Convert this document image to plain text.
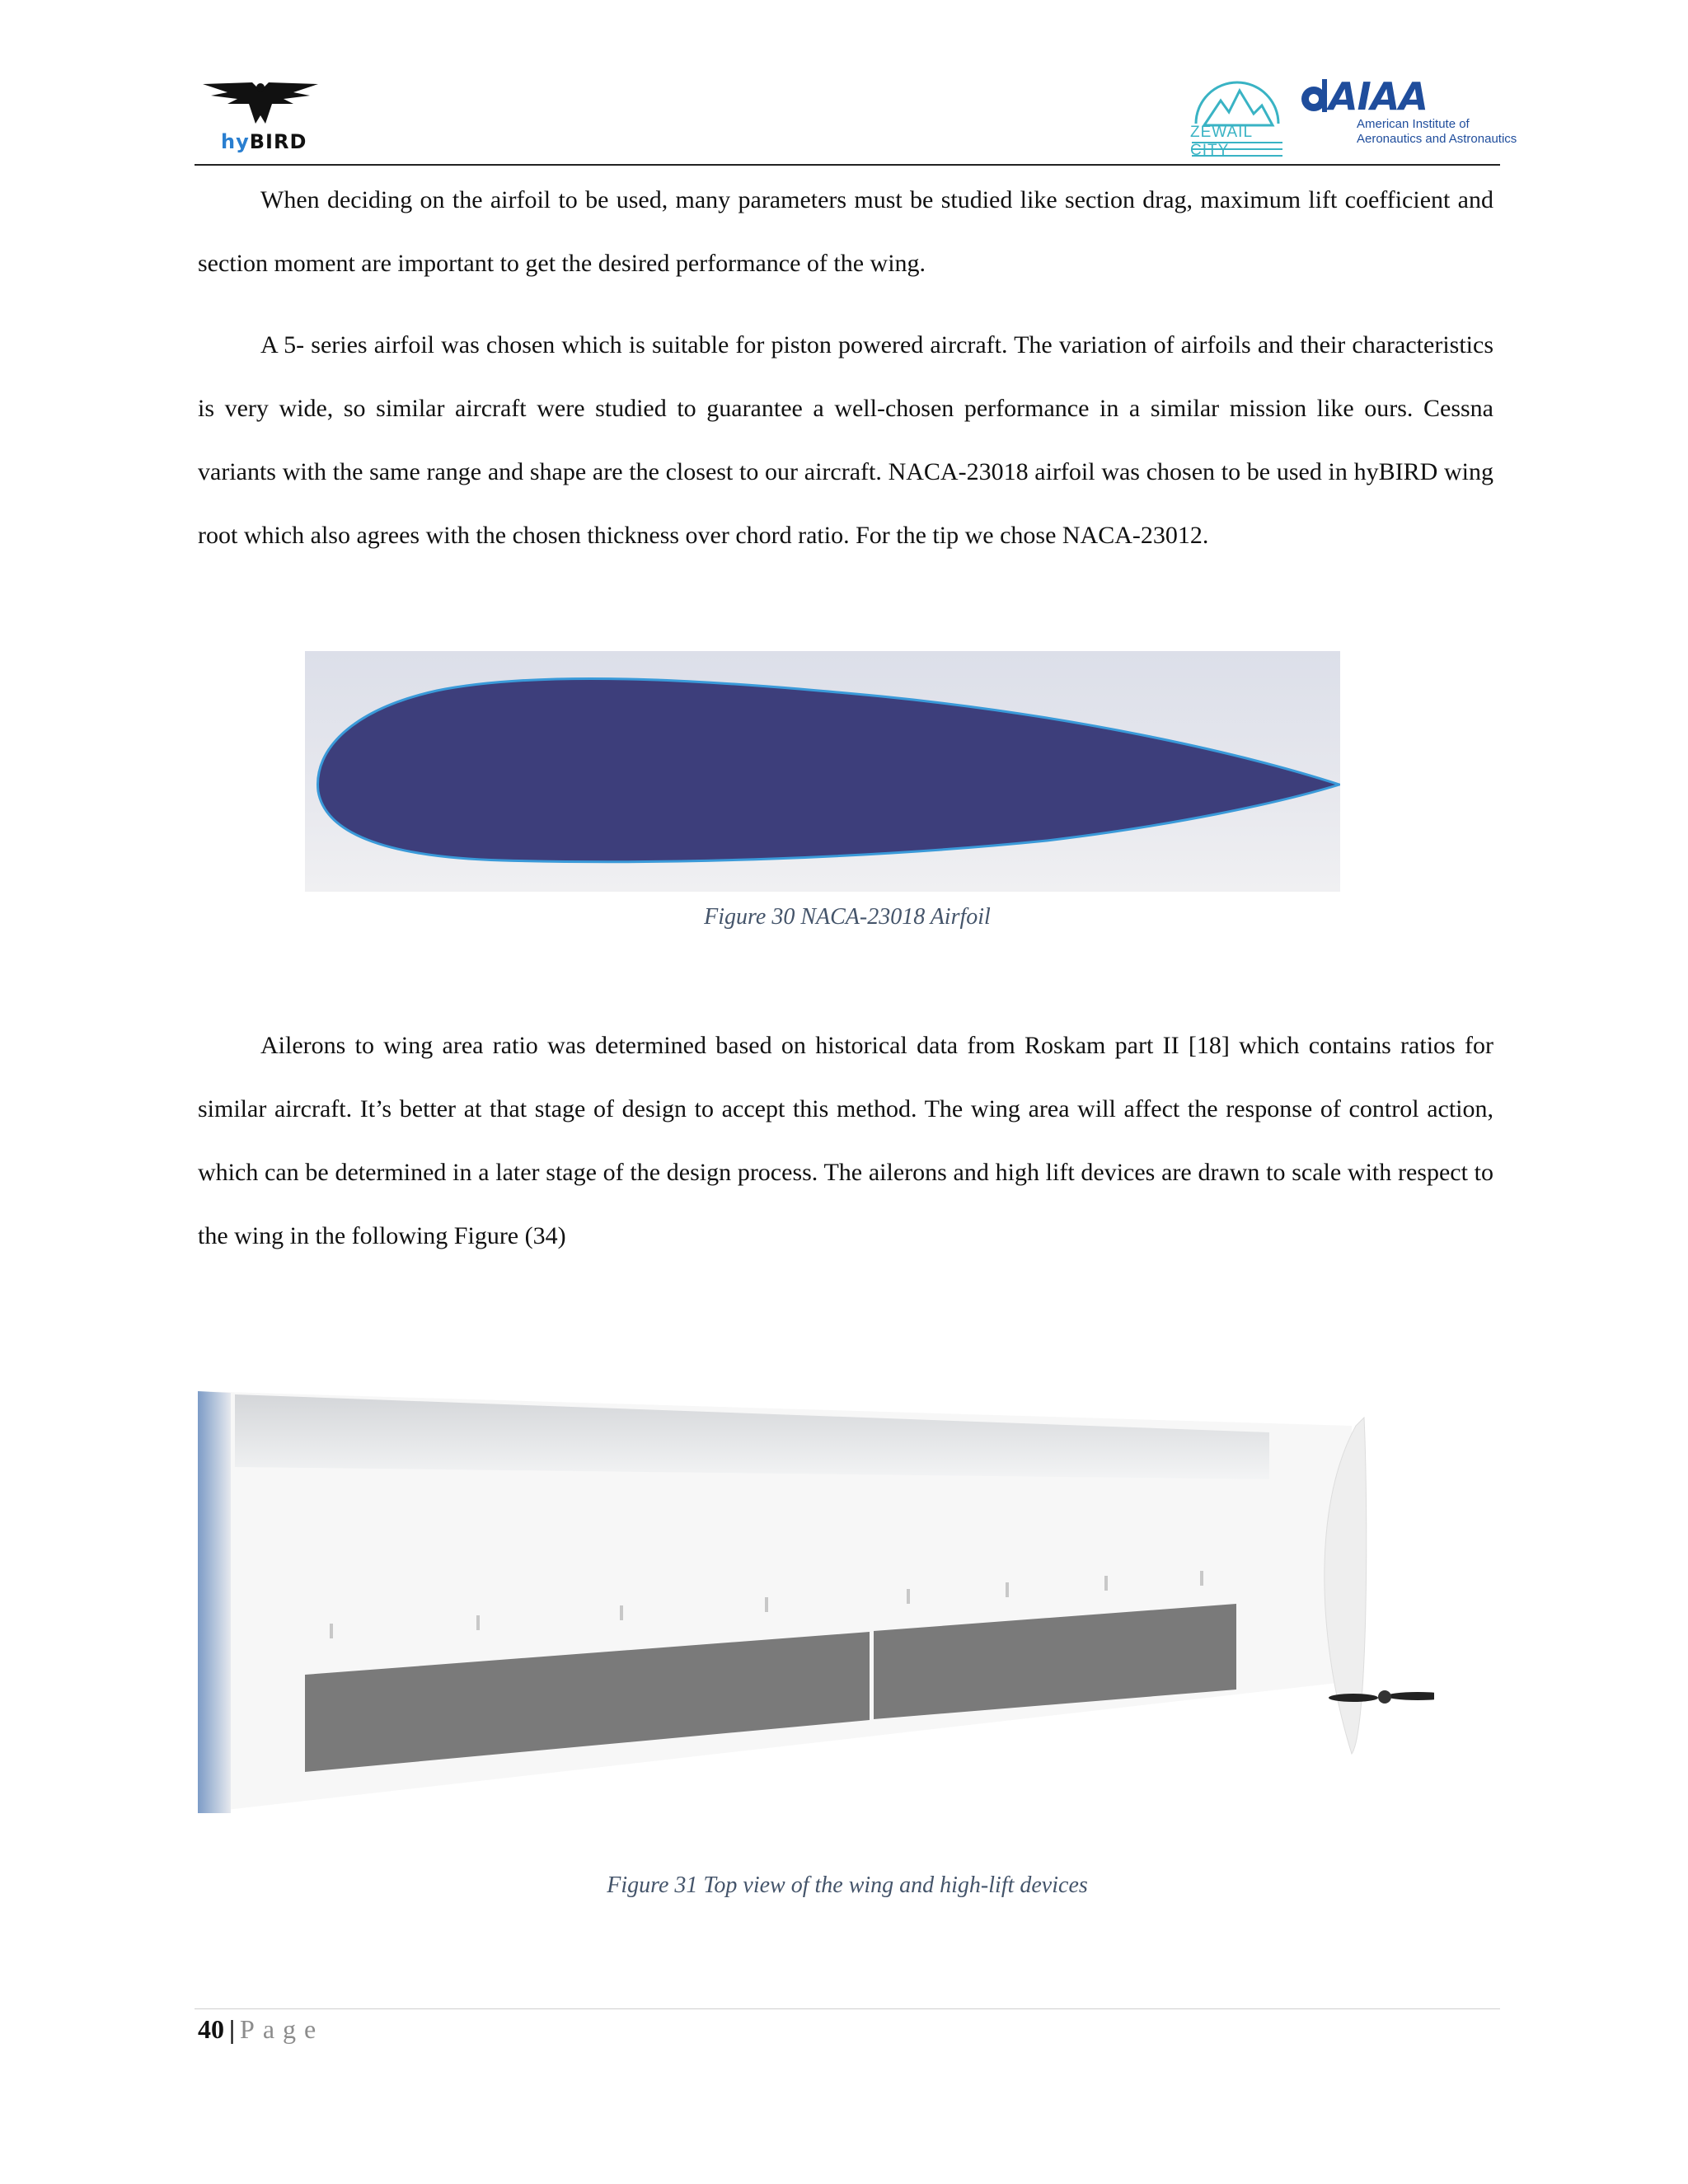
hyBIRD	ZEWAIL CITY
AIAA
American Institute of
Aeronautics and Astronautics

When deciding on the airfoil to be used, many parameters must be studied like section drag, maximum lift coefficient and section moment are important to get the desired performance of the wing.

A 5- series airfoil was chosen which is suitable for piston powered aircraft. The variation of airfoils and their characteristics is very wide, so similar aircraft were studied to guarantee a well-chosen performance in a similar mission like ours. Cessna variants with the same range and shape are the closest to our aircraft. NACA-23018 airfoil was chosen to be used in hyBIRD wing root which also agrees with the chosen thickness over chord ratio. For the tip we chose NACA-23012.

Figure 30 NACA-23018 Airfoil

Ailerons to wing area ratio was determined based on historical data from Roskam part II [18] which contains ratios for similar aircraft. It’s better at that stage of design to accept this method. The wing area will affect the response of control action, which can be determined in a later stage of the design process. The ailerons and high lift devices are drawn to scale with respect to the wing in the following Figure (34)

Figure 31 Top view of the wing and high-lift devices
40 | Page
